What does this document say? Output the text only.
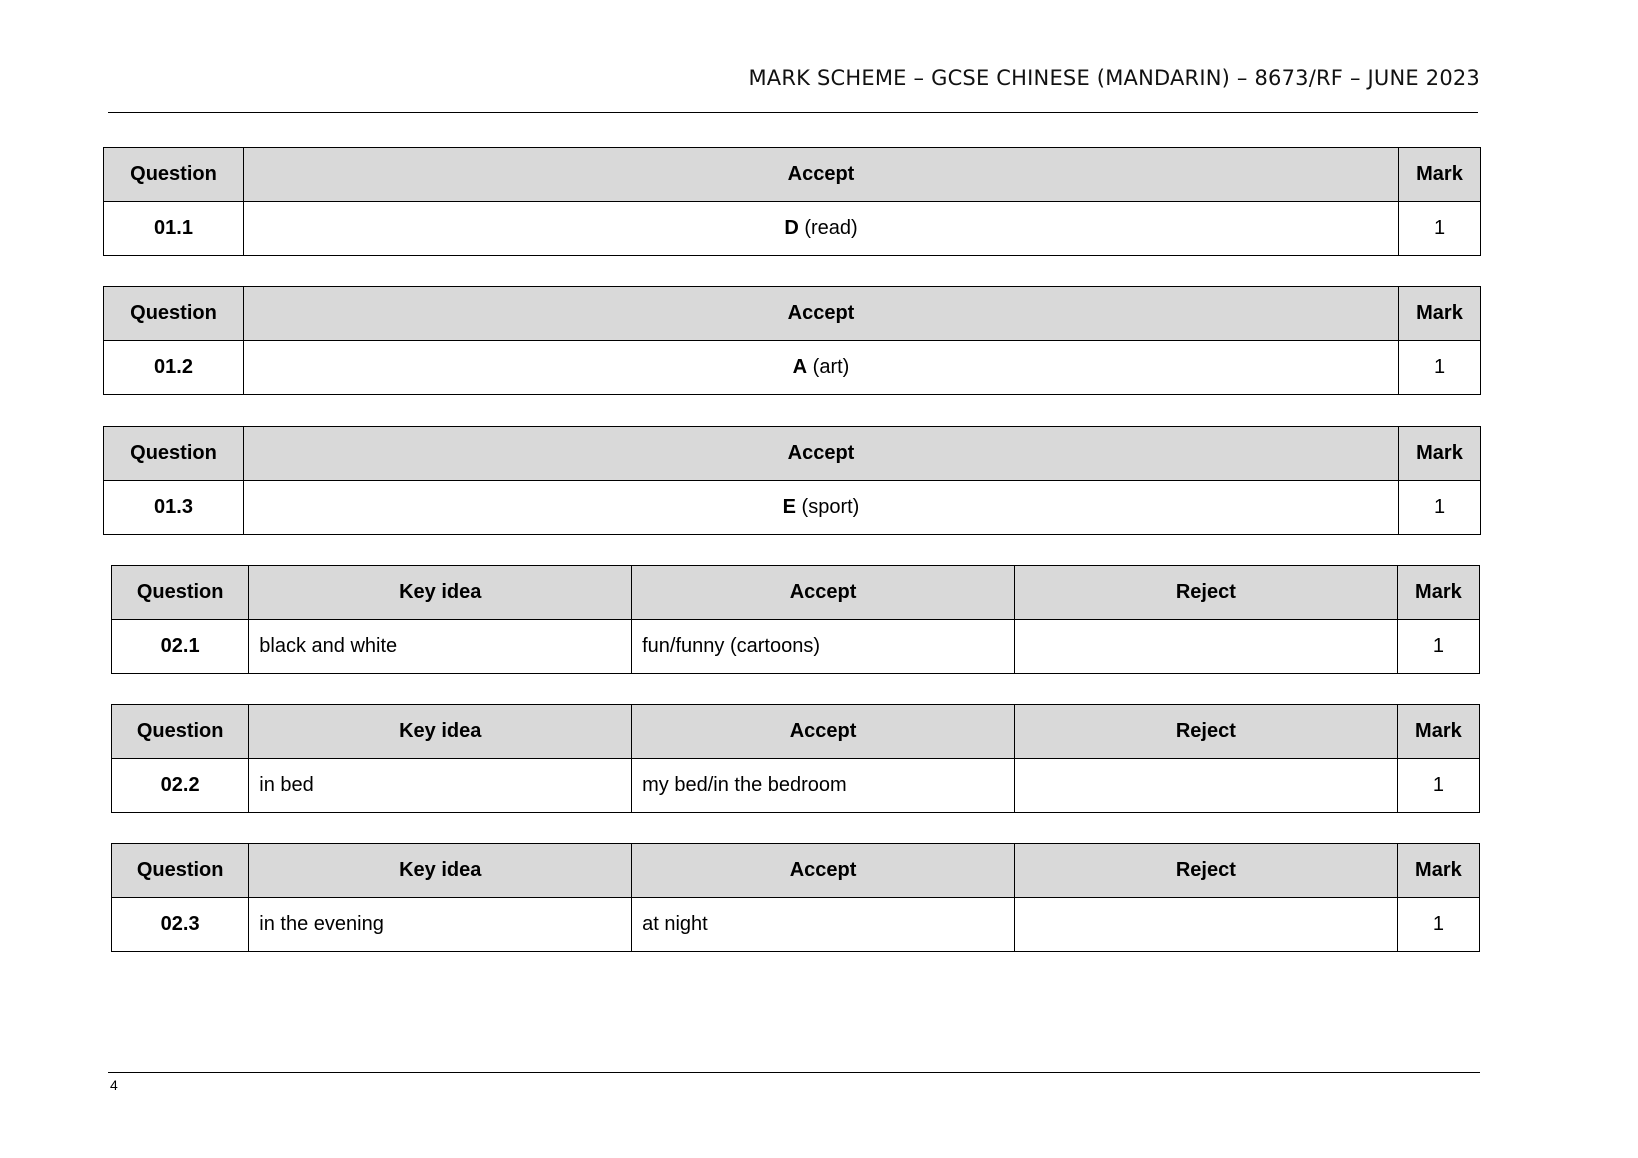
MARK SCHEME – GCSE CHINESE (MANDARIN) – 8673/RF – JUNE 2023
Question	Accept	Mark
01.1	D (read)	1
Question	Accept	Mark
01.2	A (art)	1
Question	Accept	Mark
01.3	E (sport)	1
Question	Key idea	Accept	Reject	Mark
02.1	black and white	fun/funny (cartoons)		1
Question	Key idea	Accept	Reject	Mark
02.2	in bed	my bed/in the bedroom		1
Question	Key idea	Accept	Reject	Mark
02.3	in the evening	at night		1
4
